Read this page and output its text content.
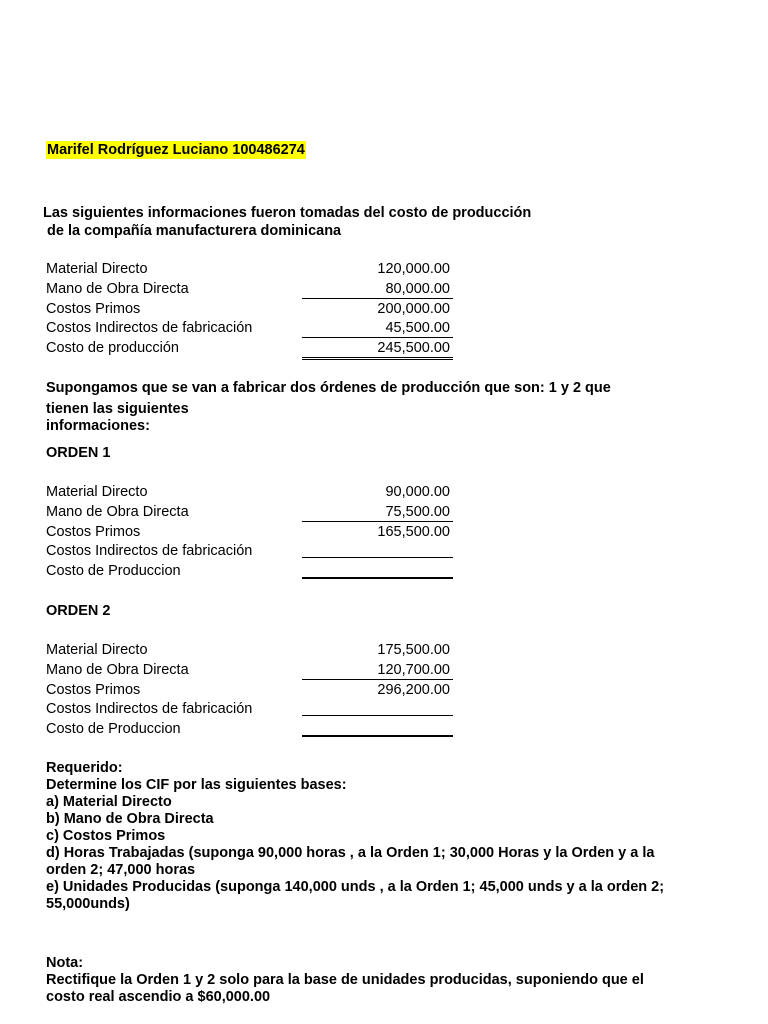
Marifel Rodríguez Luciano 100486274
Las siguientes informaciones fueron tomadas del costo de producción
de la compañía manufacturera dominicana
Material Directo	120,000.00
Mano de Obra Directa	80,000.00
Costos Primos	200,000.00
Costos Indirectos de fabricación	45,500.00
Costo de producción	245,500.00
Supongamos que se van a fabricar dos órdenes de producción que son: 1 y 2 que
tienen las siguientes
informaciones:
ORDEN 1
Material Directo	90,000.00
Mano de Obra Directa	75,500.00
Costos Primos	165,500.00
Costos Indirectos de fabricación
Costo de Produccion
ORDEN 2
Material Directo	175,500.00
Mano de Obra Directa	120,700.00
Costos Primos	296,200.00
Costos Indirectos de fabricación
Costo de Produccion
Requerido:
Determine los CIF por las siguientes bases:
a) Material Directo
b) Mano de Obra Directa
c) Costos Primos
d) Horas Trabajadas (suponga 90,000 horas , a la Orden 1; 30,000 Horas y la Orden y a la
orden 2; 47,000 horas
e) Unidades Producidas (suponga 140,000 unds , a la Orden 1; 45,000 unds y a la orden 2;
55,000unds)
Nota:
Rectifique la Orden 1 y 2 solo para la base de unidades producidas, suponiendo que el
costo real ascendio a $60,000.00
